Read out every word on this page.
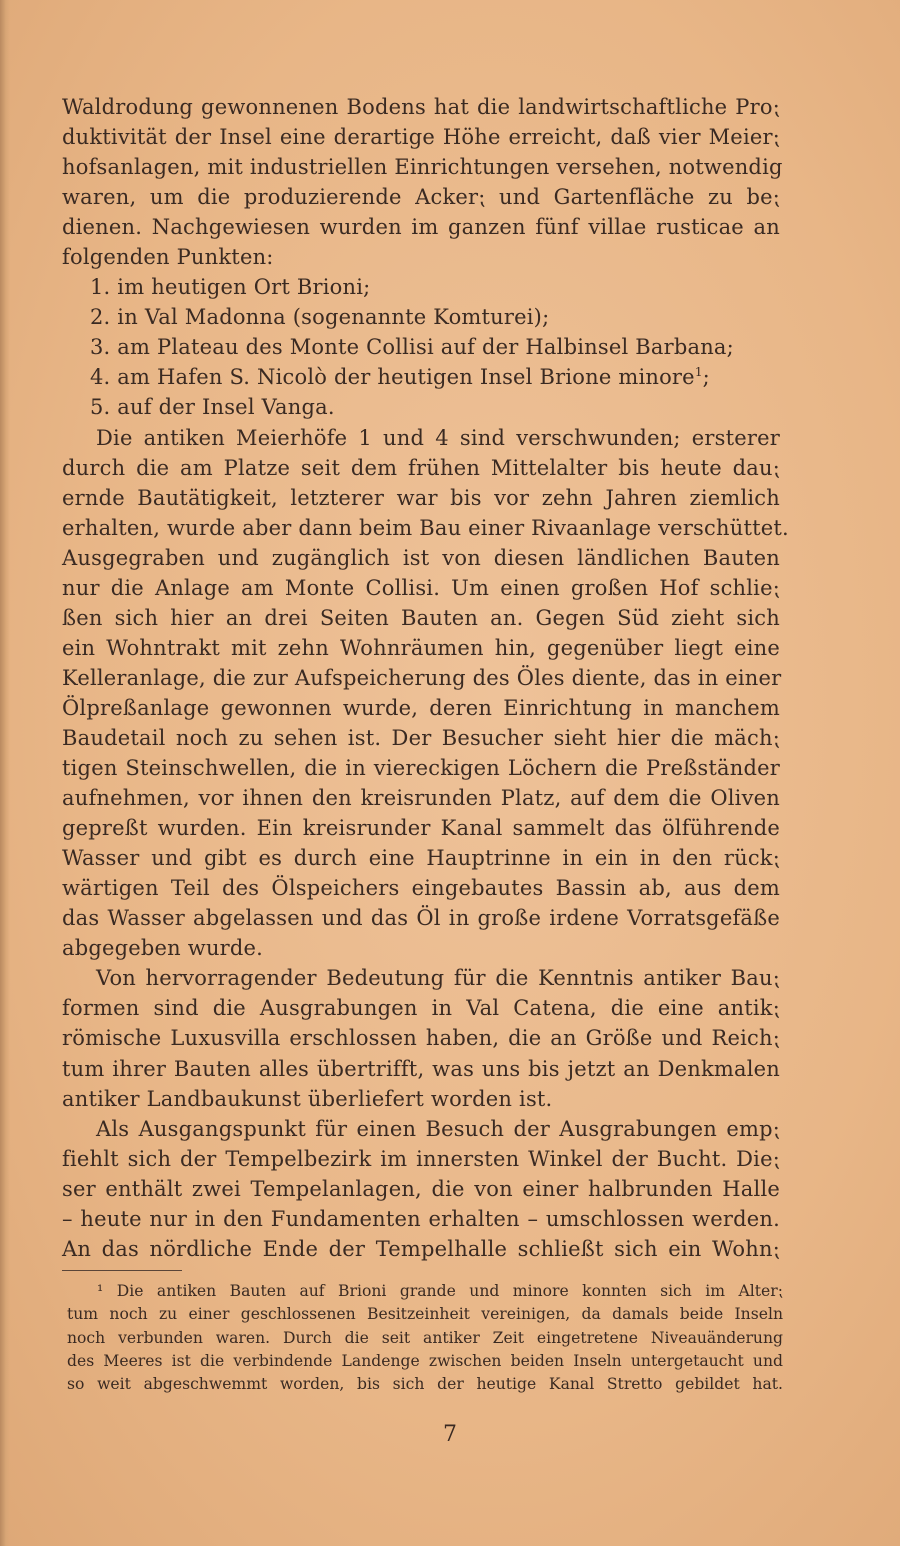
Waldrodung gewonnenen Bodens hat die landwirtschaftliche Pro⁏
duktivität der Insel eine derartige Höhe erreicht, daß vier Meier⁏
hofsanlagen, mit industriellen Einrichtungen versehen, notwendig
waren, um die produzierende Acker⁏ und Gartenfläche zu be⁏
dienen. Nachgewiesen wurden im ganzen fünf villae rusticae an
folgenden Punkten:
1. im heutigen Ort Brioni;
2. in Val Madonna (sogenannte Komturei);
3. am Plateau des Monte Collisi auf der Halbinsel Barbana;
4. am Hafen S. Nicolò der heutigen Insel Brione minore$^1$;
5. auf der Insel Vanga.
Die antiken Meierhöfe 1 und 4 sind verschwunden; ersterer
durch die am Platze seit dem frühen Mittelalter bis heute dau⁏
ernde Bautätigkeit, letzterer war bis vor zehn Jahren ziemlich
erhalten, wurde aber dann beim Bau einer Rivaanlage verschüttet.
Ausgegraben und zugänglich ist von diesen ländlichen Bauten
nur die Anlage am Monte Collisi. Um einen großen Hof schlie⁏
ßen sich hier an drei Seiten Bauten an. Gegen Süd zieht sich
ein Wohntrakt mit zehn Wohnräumen hin, gegenüber liegt eine
Kelleranlage, die zur Aufspeicherung des Öles diente, das in einer
Ölpreßanlage gewonnen wurde, deren Einrichtung in manchem
Baudetail noch zu sehen ist. Der Besucher sieht hier die mäch⁏
tigen Steinschwellen, die in viereckigen Löchern die Preßständer
aufnehmen, vor ihnen den kreisrunden Platz, auf dem die Oliven
gepreßt wurden. Ein kreisrunder Kanal sammelt das ölführende
Wasser und gibt es durch eine Hauptrinne in ein in den rück⁏
wärtigen Teil des Ölspeichers eingebautes Bassin ab, aus dem
das Wasser abgelassen und das Öl in große irdene Vorratsgefäße
abgegeben wurde.
Von hervorragender Bedeutung für die Kenntnis antiker Bau⁏
formen sind die Ausgrabungen in Val Catena, die eine antik⁏
römische Luxusvilla erschlossen haben, die an Größe und Reich⁏
tum ihrer Bauten alles übertrifft, was uns bis jetzt an Denkmalen
antiker Landbaukunst überliefert worden ist.
Als Ausgangspunkt für einen Besuch der Ausgrabungen emp⁏
fiehlt sich der Tempelbezirk im innersten Winkel der Bucht. Die⁏
ser enthält zwei Tempelanlagen, die von einer halbrunden Halle
– heute nur in den Fundamenten erhalten – umschlossen werden.
An das nördliche Ende der Tempelhalle schließt sich ein Wohn⁏
¹ Die antiken Bauten auf Brioni grande und minore konnten sich im Alter⁏
tum noch zu einer geschlossenen Besitzeinheit vereinigen, da damals beide Inseln
noch verbunden waren. Durch die seit antiker Zeit eingetretene Niveauänderung
des Meeres ist die verbindende Landenge zwischen beiden Inseln untergetaucht und
so weit abgeschwemmt worden, bis sich der heutige Kanal Stretto gebildet hat.
7
